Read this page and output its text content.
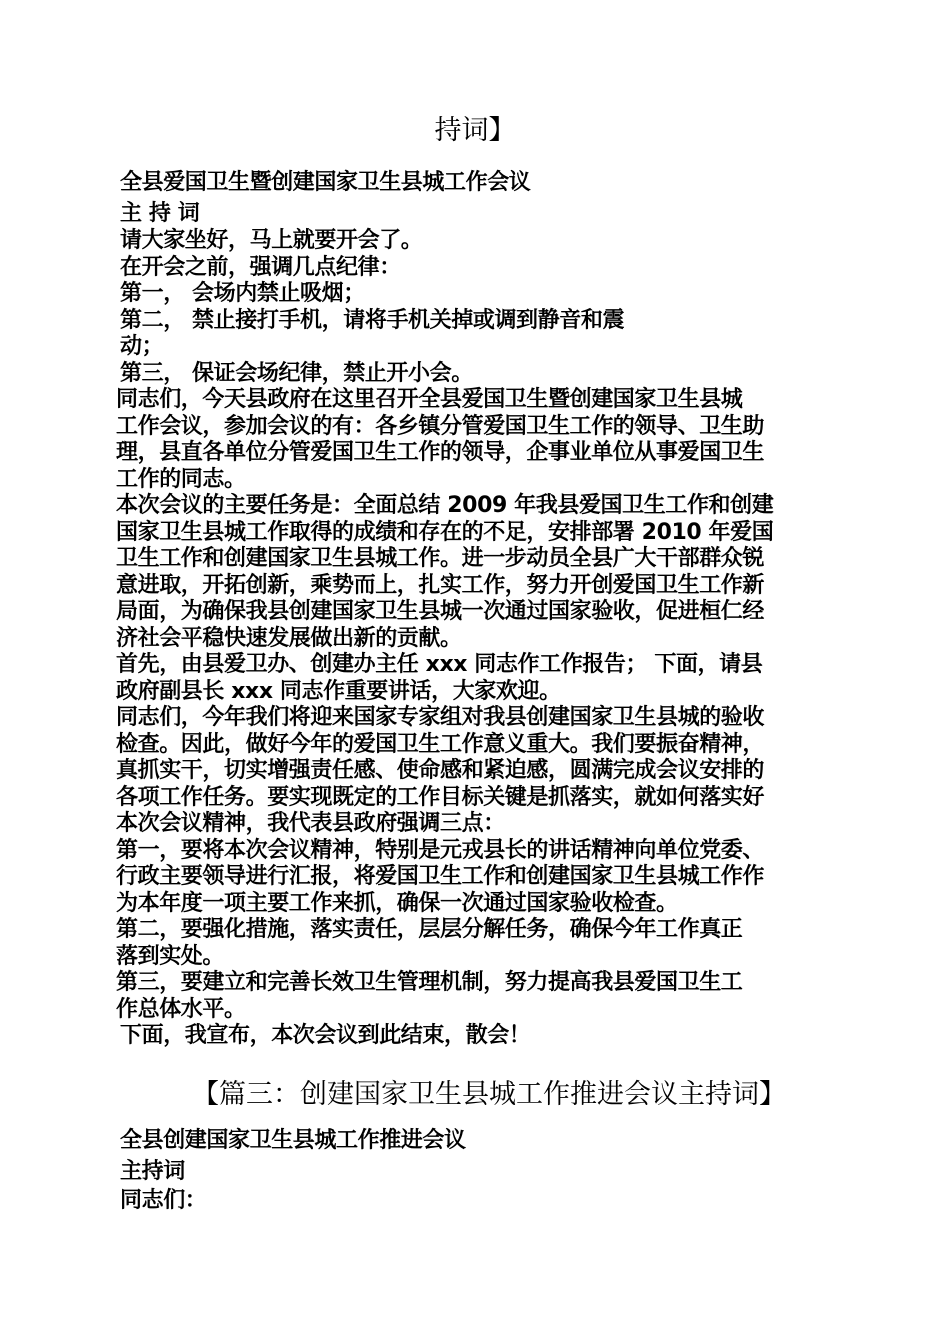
持词】
全县爱国卫生暨创建国家卫生县城工作会议
主 持 词
请大家坐好，马上就要开会了。
在开会之前，强调几点纪律：
第一， 会场内禁止吸烟；
第二， 禁止接打手机，请将手机关掉或调到静音和震
动；
第三， 保证会场纪律，禁止开小会。
同志们，今天县政府在这里召开全县爱国卫生暨创建国家卫生县城
工作会议，参加会议的有：各乡镇分管爱国卫生工作的领导、卫生助
理，县直各单位分管爱国卫生工作的领导，企事业单位从事爱国卫生
工作的同志。
本次会议的主要任务是：全面总结 2009 年我县爱国卫生工作和创建
国家卫生县城工作取得的成绩和存在的不足，安排部署 2010 年爱国
卫生工作和创建国家卫生县城工作。进一步动员全县广大干部群众锐
意进取，开拓创新，乘势而上，扎实工作，努力开创爱国卫生工作新
局面，为确保我县创建国家卫生县城一次通过国家验收，促进桓仁经
济社会平稳快速发展做出新的贡献。
首先，由县爱卫办、创建办主任 xxx 同志作工作报告； 下面，请县
政府副县长 xxx 同志作重要讲话，大家欢迎。
同志们，今年我们将迎来国家专家组对我县创建国家卫生县城的验收
检查。因此，做好今年的爱国卫生工作意义重大。我们要振奋精神，
真抓实干，切实增强责任感、使命感和紧迫感，圆满完成会议安排的
各项工作任务。要实现既定的工作目标关键是抓落实，就如何落实好
本次会议精神，我代表县政府强调三点：
第一，要将本次会议精神，特别是元戎县长的讲话精神向单位党委、
行政主要领导进行汇报，将爱国卫生工作和创建国家卫生县城工作作
为本年度一项主要工作来抓，确保一次通过国家验收检查。
第二，要强化措施，落实责任，层层分解任务，确保今年工作真正
落到实处。
第三，要建立和完善长效卫生管理机制，努力提高我县爱国卫生工
作总体水平。
下面，我宣布，本次会议到此结束，散会！
【篇三：创建国家卫生县城工作推进会议主持词】
全县创建国家卫生县城工作推进会议
主持词
同志们：
